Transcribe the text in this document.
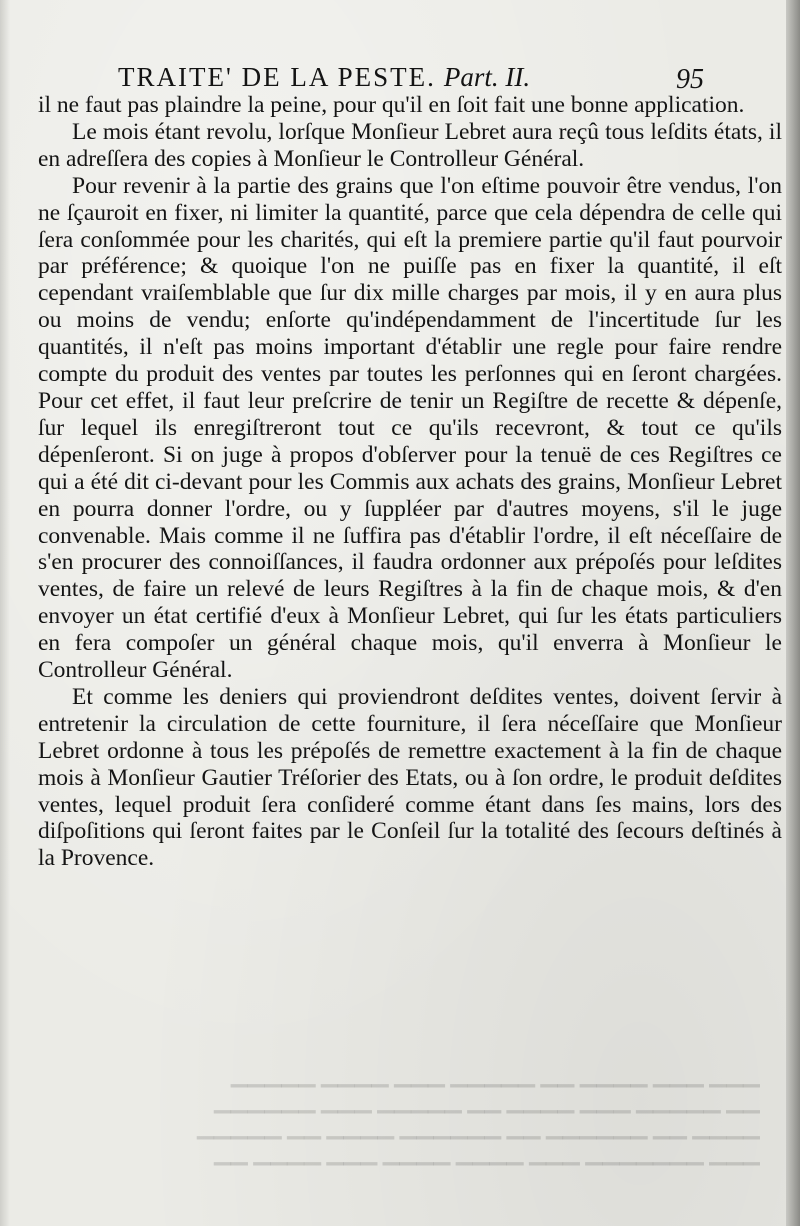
TRAITE' DE LA PESTE. Part. II.	95

il ne faut pas plaindre la peine, pour qu'il en ſoit fait une bonne application.

Le mois étant revolu, lorſque Monſieur Lebret aura reçû tous leſdits états, il en adreſſera des copies à Monſieur le Controlleur Général.

Pour revenir à la partie des grains que l'on eſtime pouvoir être vendus, l'on ne ſçauroit en fixer, ni limiter la quantité, parce que cela dépendra de celle qui ſera conſommée pour les charités, qui eſt la premiere partie qu'il faut pourvoir par préférence; & quoique l'on ne puiſſe pas en fixer la quantité, il eſt cependant vraiſemblable que ſur dix mille charges par mois, il y en aura plus ou moins de vendu; enſorte qu'indépendamment de l'incertitude ſur les quantités, il n'eſt pas moins important d'établir une regle pour faire rendre compte du produit des ventes par toutes les perſonnes qui en ſeront chargées. Pour cet effet, il faut leur preſcrire de tenir un Regiſtre de recette & dépenſe, ſur lequel ils enregiſtreront tout ce qu'ils recevront, & tout ce qu'ils dépenſeront. Si on juge à propos d'obſerver pour la tenuë de ces Regiſtres ce qui a été dit ci-devant pour les Commis aux achats des grains, Monſieur Lebret en pourra donner l'ordre, ou y ſuppléer par d'autres moyens, s'il le juge convenable. Mais comme il ne ſuffira pas d'établir l'ordre, il eſt néceſſaire de s'en procurer des connoiſſances, il faudra ordonner aux prépoſés pour leſdites ventes, de faire un relevé de leurs Regiſtres à la fin de chaque mois, & d'en envoyer un état certifié d'eux à Monſieur Lebret, qui ſur les états particuliers en fera compoſer un général chaque mois, qu'il enverra à Monſieur le Controlleur Général.

Et comme les deniers qui proviendront deſdites ventes, doivent ſervir à entretenir la circulation de cette fourniture, il ſera néceſſaire que Monſieur Lebret ordonne à tous les prépoſés de remettre exactement à la fin de chaque mois à Monſieur Gautier Tréſorier des Etats, ou à ſon ordre, le produit deſdites ventes, lequel produit ſera conſideré comme étant dans ſes mains, lors des diſpoſitions qui ſeront faites par le Conſeil ſur la totalité des ſecours deſtinés à la Provence.

▁▁▁ ▁▁▁ ▁▁▁▁ ▁▁ ▁▁▁▁▁ ▁▁▁ ▁▁▁▁ ▁▁▁▁▁
▁▁ ▁▁▁▁▁ ▁▁▁ ▁▁▁▁ ▁▁ ▁▁▁▁▁ ▁▁▁ ▁▁▁▁▁▁
▁▁▁▁ ▁▁ ▁▁▁▁▁▁ ▁▁ ▁▁▁▁▁▁ ▁▁▁▁ ▁▁ ▁▁▁▁▁
▁▁▁ ▁▁▁▁▁▁▁ ▁▁▁ ▁▁▁▁ ▁▁▁▁ ▁▁▁ ▁▁▁▁ ▁▁
